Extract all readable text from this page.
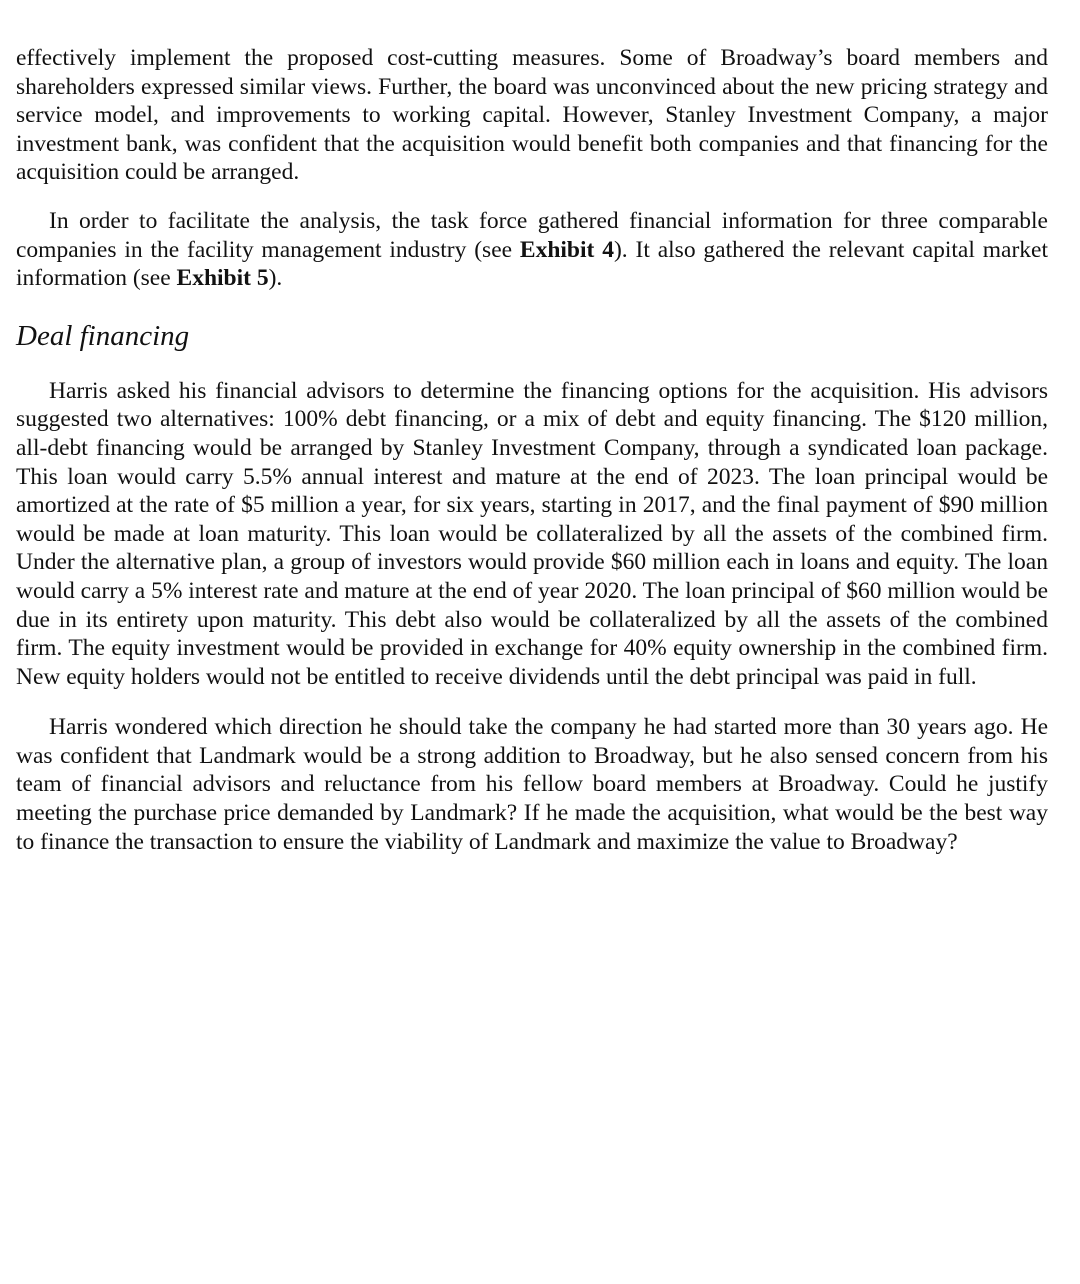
effectively implement the proposed cost-cutting measures. Some of Broadway’s board members and shareholders expressed similar views. Further, the board was unconvinced about the new pricing strategy and service model, and improvements to working capital. However, Stanley Investment Company, a major investment bank, was confident that the acquisition would benefit both companies and that financing for the acquisition could be arranged.

In order to facilitate the analysis, the task force gathered financial information for three comparable companies in the facility management industry (see Exhibit 4). It also gathered the relevant capital market information (see Exhibit 5).

Deal financing

Harris asked his financial advisors to determine the financing options for the acquisition. His advisors suggested two alternatives: 100% debt financing, or a mix of debt and equity financing. The $120 million, all-debt financing would be arranged by Stanley Investment Company, through a syndicated loan package. This loan would carry 5.5% annual interest and mature at the end of 2023. The loan principal would be amortized at the rate of $5 million a year, for six years, starting in 2017, and the final payment of $90 million would be made at loan maturity. This loan would be collateralized by all the assets of the combined firm. Under the alternative plan, a group of investors would provide $60 million each in loans and equity. The loan would carry a 5% interest rate and mature at the end of year 2020. The loan principal of $60 million would be due in its entirety upon maturity. This debt also would be collateralized by all the assets of the combined firm. The equity investment would be provided in exchange for 40% equity ownership in the combined firm. New equity holders would not be entitled to receive dividends until the debt principal was paid in full.

Harris wondered which direction he should take the company he had started more than 30 years ago. He was confident that Landmark would be a strong addition to Broadway, but he also sensed concern from his team of financial advisors and reluctance from his fellow board members at Broadway. Could he justify meeting the purchase price demanded by Landmark? If he made the acquisition, what would be the best way to finance the transaction to ensure the viability of Landmark and maximize the value to Broadway?
